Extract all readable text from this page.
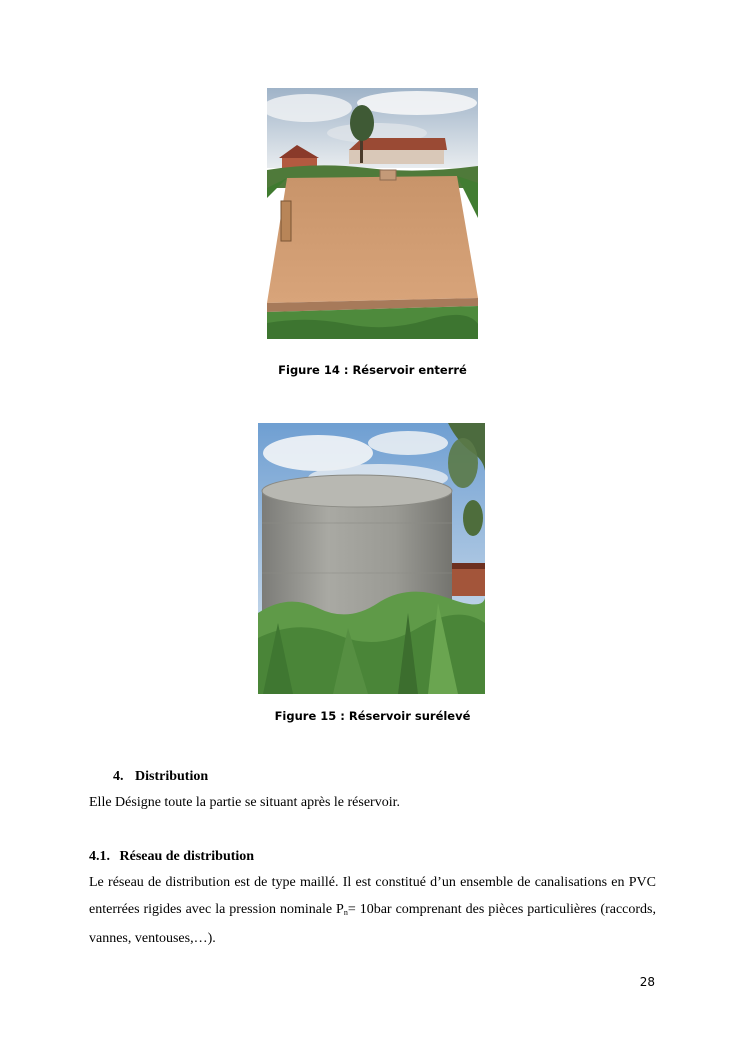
Figure 14 : Réservoir enterré
Figure 15 : Réservoir surélevé
4. Distribution
Elle Désigne toute la partie se situant après le réservoir.
4.1. Réseau de distribution
Le réseau de distribution est de type maillé. Il est constitué d’un ensemble de canalisations en PVC enterrées rigides avec la pression nominale $P_n= 10bar$ comprenant des pièces particulières (raccords, vannes, ventouses,…).
28
